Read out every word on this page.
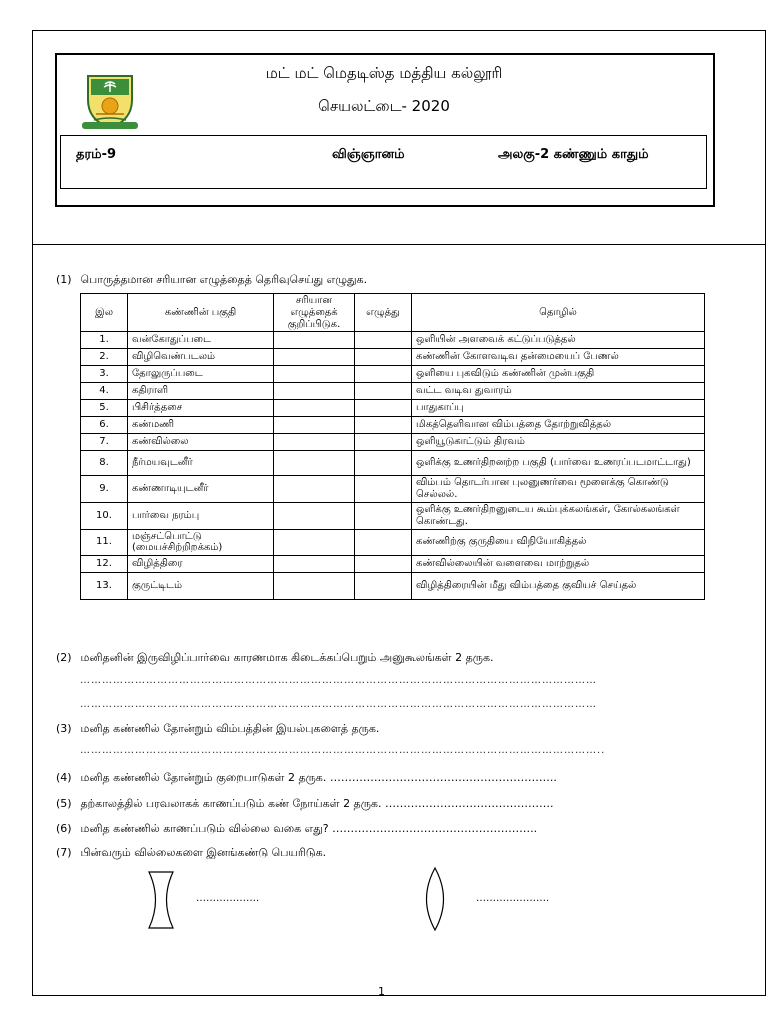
மட் மட் மெதடிஸ்த மத்திய கல்லூரி
செயலட்டை- 2020
தரம்-9	விஞ்ஞானம்	அலகு-2 கண்ணும் காதும்
(1) பொருத்தமான சரியான எழுத்தைத் தெரிவுசெய்து எழுதுக.
இல	கண்ணின் பகுதி	சரியான எழுத்தைக் குறிப்பிடுக.	எழுத்து	தொழில்
1.	வன்கோதுப்படை			ஒளியின் அளவைக் கட்டுப்படுத்தல்
2.	விழிவெண்படலம்			கண்ணின் கோளவடிவ தன்மையைப் பேணல்
3.	தோலுருப்படை			ஒளியை புகவிடும் கண்ணின் முன்பகுதி
4.	கதிராளி			வட்ட வடிவ துவாரம்
5.	பிசிர்த்தசை			பாதுகாப்பு
6.	கண்மணி			மிகத்தெளிவான விம்பத்தை தோற்றுவித்தல்
7.	கண்வில்லை			ஒளியூடுகாட்டும் திரவம்
8.	நீர்மயவுடனீர்			ஒளிக்கு உணர்திறனற்ற பகுதி (பார்வை உணரப்படமாட்டாது)
9.	கண்ணாடியுடனீர்			விம்பம் தொடர்பான புலனுணர்வை மூளைக்கு கொண்டு செல்லல்.
10.	பார்வை நரம்பு			ஒளிக்கு உணர்திறனுடைய கூம்புக்கலங்கள், கோல்கலங்கள் கொண்டது.
11.	மஞ்சட்பொட்டு (மையச்சிற்றிறக்கம்)			கண்ணிற்கு குருதியை விநியோகித்தல்
12.	விழித்திரை			கண்வில்லையின் வளைவை மாற்றுதல்
13.	குருட்டிடம்			விழித்திரையின் மீது விம்பத்தை குவியச் செய்தல்
(2) மனிதனின் இருவிழிப்பார்வை காரணமாக கிடைக்கப்பெறும் அனுகூலங்கள் 2 தருக.
……………………………………………………………………………………………………………………………
……………………………………………………………………………………………………………………………
(3) மனித கண்ணில் தோன்றும் விம்பத்தின் இயல்புகளைத் தருக.
……………………………………………………………………………………………………………………………..
(4) மனித கண்ணில் தோன்றும் குறைபாடுகள் 2 தருக. ……………………………………………………..
(5) தற்காலத்தில் பரவலாகக் காணப்படும் கண் நோய்கள் 2 தருக. ……………………………………….
(6) மனித கண்ணில் காணப்படும் வில்லை வகை எது? ………………………………………………..
(7) பின்வரும் வில்லைகளை இனங்கண்டு பெயரிடுக.
……………….	………………….
1
